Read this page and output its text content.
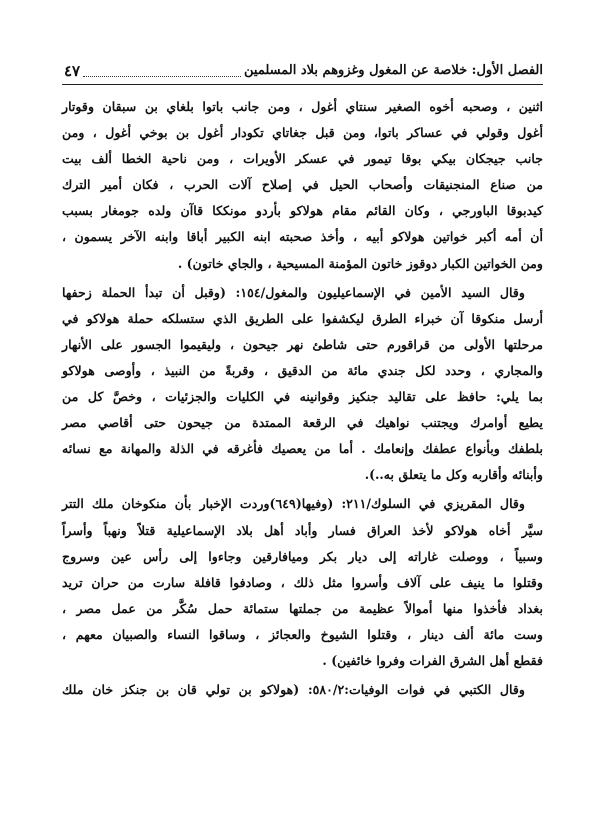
الفصل الأول: خلاصة عن المغول وغزوهم بلاد المسلمين
٤٧

اثنين ، وصحبه أخوه الصغير سنتاي أغول ، ومن جانب باتوا بلغاي بن سبقان وقوتار

أغول وقولي في عساكر باتوا، ومن قبل جغاتاي تكودار أغول بن بوخي أغول ، ومن

جانب جيجكان بيكي بوقا تيمور في عسكر الأويرات ، ومن ناحية الخطا ألف بيت

من صناع المنجنيقات وأصحاب الحيل في إصلاح آلات الحرب ، فكان أمير الترك

كيدبوقا الباورجي ، وكان القائم مقام هولاكو بأردو مونككا قاآن ولده جومغار بسبب

أن أمه أكبر خواتين هولاكو أبيه ، وأخذ صحبته ابنه الكبير أباقا وابنه الآخر يسمون ،

ومن الخواتين الكبار دوقوز خاتون المؤمنة المسيحية ، والجاي خاتون) .

وقال السيد الأمين في الإسماعيليون والمغول/١٥٤: (وقبل أن تبدأ الحملة زحفها

أرسل منكوقا آن خبراء الطرق ليكشفوا على الطريق الذي ستسلكه حملة هولاكو في

مرحلتها الأولى من قراقورم حتى شاطئ نهر جيحون ، وليقيموا الجسور على الأنهار

والمجاري ، وحدد لكل جندي مائة من الدقيق ، وقربةً من النبيذ ، وأوصى هولاكو

بما يلي: حافظ على تقاليد جنكيز وقوانينه في الكليات والجزئيات ، وخصَّ كل من

يطيع أوامرك ويجتنب نواهيك في الرقعة الممتدة من جيحون حتى أقاصي مصر

بلطفك وبأنواع عطفك وإنعامك . أما من يعصيك فأغرقه في الذلة والمهانة مع نسائه

وأبنائه وأقاربه وكل ما يتعلق به..).

وقال المقريزي في السلوك/٢١١: (وفيها(٦٤٩)وردت الإخبار بأن منكوخان ملك التتر

سيَّر أخاه هولاكو لأخذ العراق فسار وأباد أهل بلاد الإسماعيلية قتلاً ونهباً وأسراً

وسبياً ، ووصلت غاراته إلى ديار بكر وميافارقين وجاءوا إلى رأس عين وسروج

وقتلوا ما ينيف على آلاف وأسروا مثل ذلك ، وصادفوا قافلة سارت من حران تريد

بغداد فأخذوا منها أموالاً عظيمة من جملتها ستمائة حمل سُكَّر من عمل مصر ،

وست مائة ألف دينار ، وقتلوا الشيوخ والعجائز ، وساقوا النساء والصبيان معهم ،

فقطع أهل الشرق الفرات وفروا خائفين) .

وقال الكتبي في فوات الوفيات:٥٨٠/٢: (هولاكو بن تولي قان بن جنكز خان ملك
